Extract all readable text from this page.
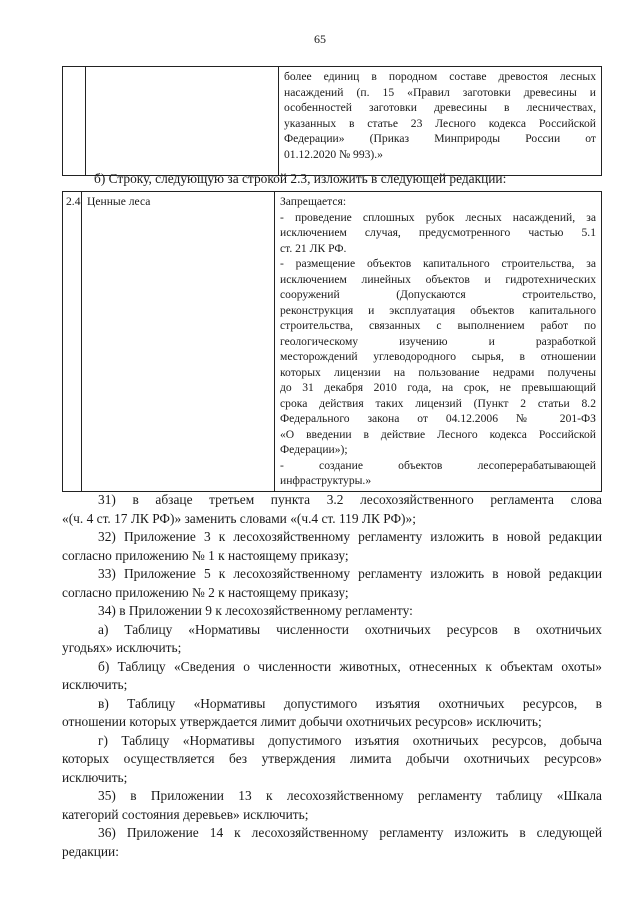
65

более единиц в породном составе древостоя лесных
насаждений (п. 15 «Правил заготовки древесины и
особенностей заготовки древесины в лесничествах,
указанных в статье 23 Лесного кодекса Российской
Федерации» (Приказ Минприроды России от
01.12.2020 № 993).»
б) Строку, следующую за строкой 2.3, изложить в следующей редакции:
2.4	Ценные леса	Запрещается:
- проведение сплошных рубок лесных насаждений, за
исключением случая, предусмотренного частью 5.1
ст. 21 ЛК РФ.
- размещение объектов капитального строительства, за
исключением линейных объектов и гидротехнических
сооружений (Допускаются строительство,
реконструкция и эксплуатация объектов капитального
строительства, связанных с выполнением работ по
геологическому изучению и разработкой
месторождений углеводородного сырья, в отношении
которых лицензии на пользование недрами получены
до 31 декабря 2010 года, на срок, не превышающий
срока действия таких лицензий (Пункт 2 статьи 8.2
Федерального закона от 04.12.2006 № 201-ФЗ
«О введении в действие Лесного кодекса Российской
Федерации»);
- создание объектов лесоперерабатывающей
инфраструктуры.»

31) в абзаце третьем пункта 3.2 лесохозяйственного регламента слова
«(ч. 4 ст. 17 ЛК РФ)» заменить словами «(ч.4 ст. 119 ЛК РФ)»;

32) Приложение 3 к лесохозяйственному регламенту изложить в новой редакции
согласно приложению № 1 к настоящему приказу;

33) Приложение 5 к лесохозяйственному регламенту изложить в новой редакции
согласно приложению № 2 к настоящему приказу;

34) в Приложении 9 к лесохозяйственному регламенту:

а) Таблицу «Нормативы численности охотничьих ресурсов в охотничьих
угодьях» исключить;

б) Таблицу «Сведения о численности животных, отнесенных к объектам охоты»
исключить;

в) Таблицу «Нормативы допустимого изъятия охотничьих ресурсов, в
отношении которых утверждается лимит добычи охотничьих ресурсов» исключить;

г) Таблицу «Нормативы допустимого изъятия охотничьих ресурсов, добыча
которых осуществляется без утверждения лимита добычи охотничьих ресурсов»
исключить;

35) в Приложении 13 к лесохозяйственному регламенту таблицу «Шкала
категорий состояния деревьев» исключить;

36) Приложение 14 к лесохозяйственному регламенту изложить в следующей
редакции:
